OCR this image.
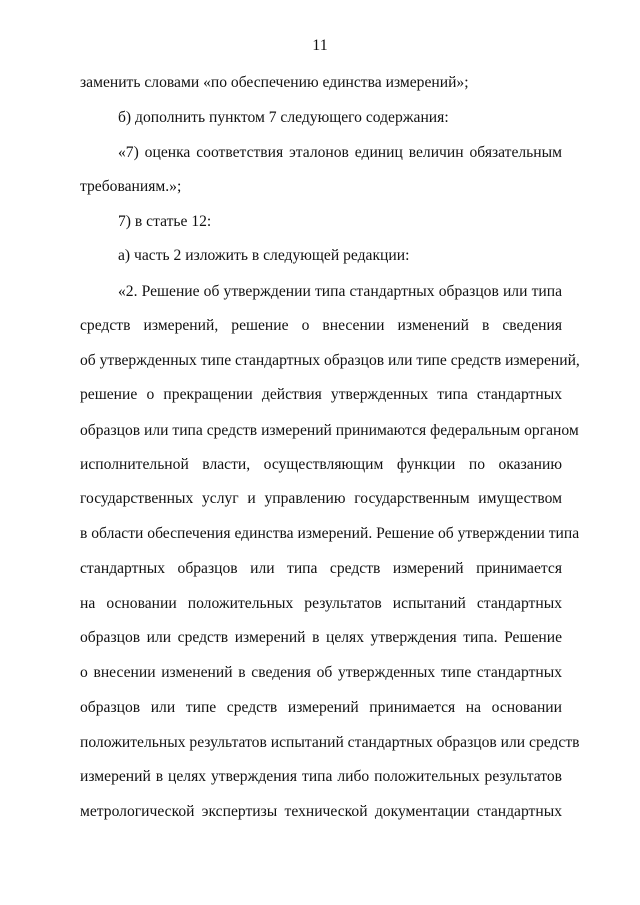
11
заменить словами «по обеспечению единства измерений»;
б) дополнить пунктом 7 следующего содержания:
«7) оценка соответствия эталонов единиц величин обязательным
требованиям.»;
7) в статье 12:
а) часть 2 изложить в следующей редакции:
«2. Решение об утверждении типа стандартных образцов или типа
средств измерений, решение о внесении изменений в сведения
об утвержденных типе стандартных образцов или типе средств измерений,
решение о прекращении действия утвержденных типа стандартных
образцов или типа средств измерений принимаются федеральным органом
исполнительной власти, осуществляющим функции по оказанию
государственных услуг и управлению государственным имуществом
в области обеспечения единства измерений. Решение об утверждении типа
стандартных образцов или типа средств измерений принимается
на основании положительных результатов испытаний стандартных
образцов или средств измерений в целях утверждения типа. Решение
о внесении изменений в сведения об утвержденных типе стандартных
образцов или типе средств измерений принимается на основании
положительных результатов испытаний стандартных образцов или средств
измерений в целях утверждения типа либо положительных результатов
метрологической экспертизы технической документации стандартных
